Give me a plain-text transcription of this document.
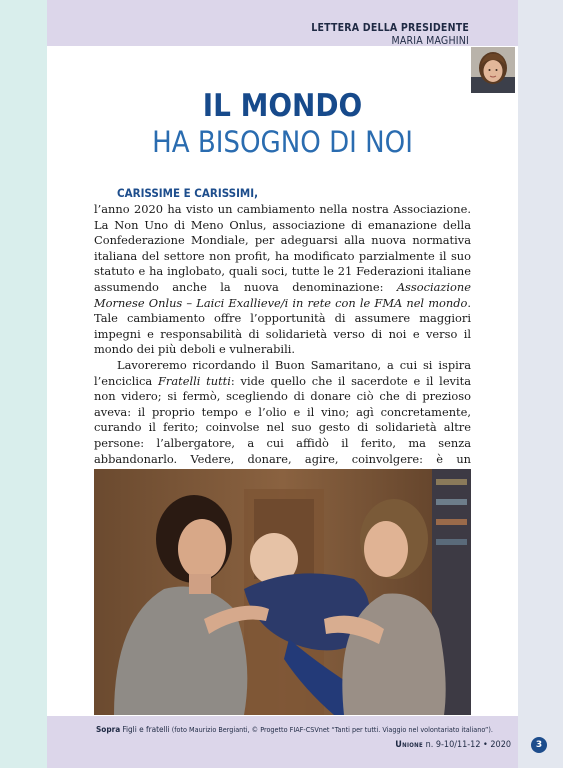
LETTERA DELLA PRESIDENTE
MARIA MAGHINI
IL MONDO
HA BISOGNO DI NOI
CARISSIME E CARISSIMI,

l’anno 2020 ha visto un cambiamento nella nostra Associazione. La Non Uno di Meno Onlus, associazione di emanazione della Confederazione Mondiale, per adeguarsi alla nuova normativa italiana del settore non profit, ha modificato parzialmente il suo statuto e ha inglobato, quali soci, tutte le 21 Federazioni italiane assumendo anche la nuova denominazione: Associazione Mornese Onlus – Laici Exallieve/i in rete con le FMA nel mondo. Tale cambiamento offre l’opportunità di assumere maggiori impegni e responsabilità di solidarietà verso di noi e verso il mondo dei più deboli e vulnerabili.

Lavoreremo ricordando il Buon Samaritano, a cui si ispira l’enciclica Fratelli tutti: vide quello che il sacerdote e il levita non videro; si fermò, scegliendo di donare ciò che di prezioso aveva: il proprio tempo e l’olio e il vino; agì concretamente, curando il ferito; coinvolse nel suo gesto di solidarietà altre persone: l’albergatore, a cui affidò il ferito, ma senza abbandonarlo. Vedere, donare, agire, coinvolgere: è un

Sopra Figli e fratelli (foto Maurizio Bergianti, © Progetto FIAF-CSVnet “Tanti per tutti. Viaggio nel volontariato italiano”).
Unione n. 9-10/11-12 • 2020	3
